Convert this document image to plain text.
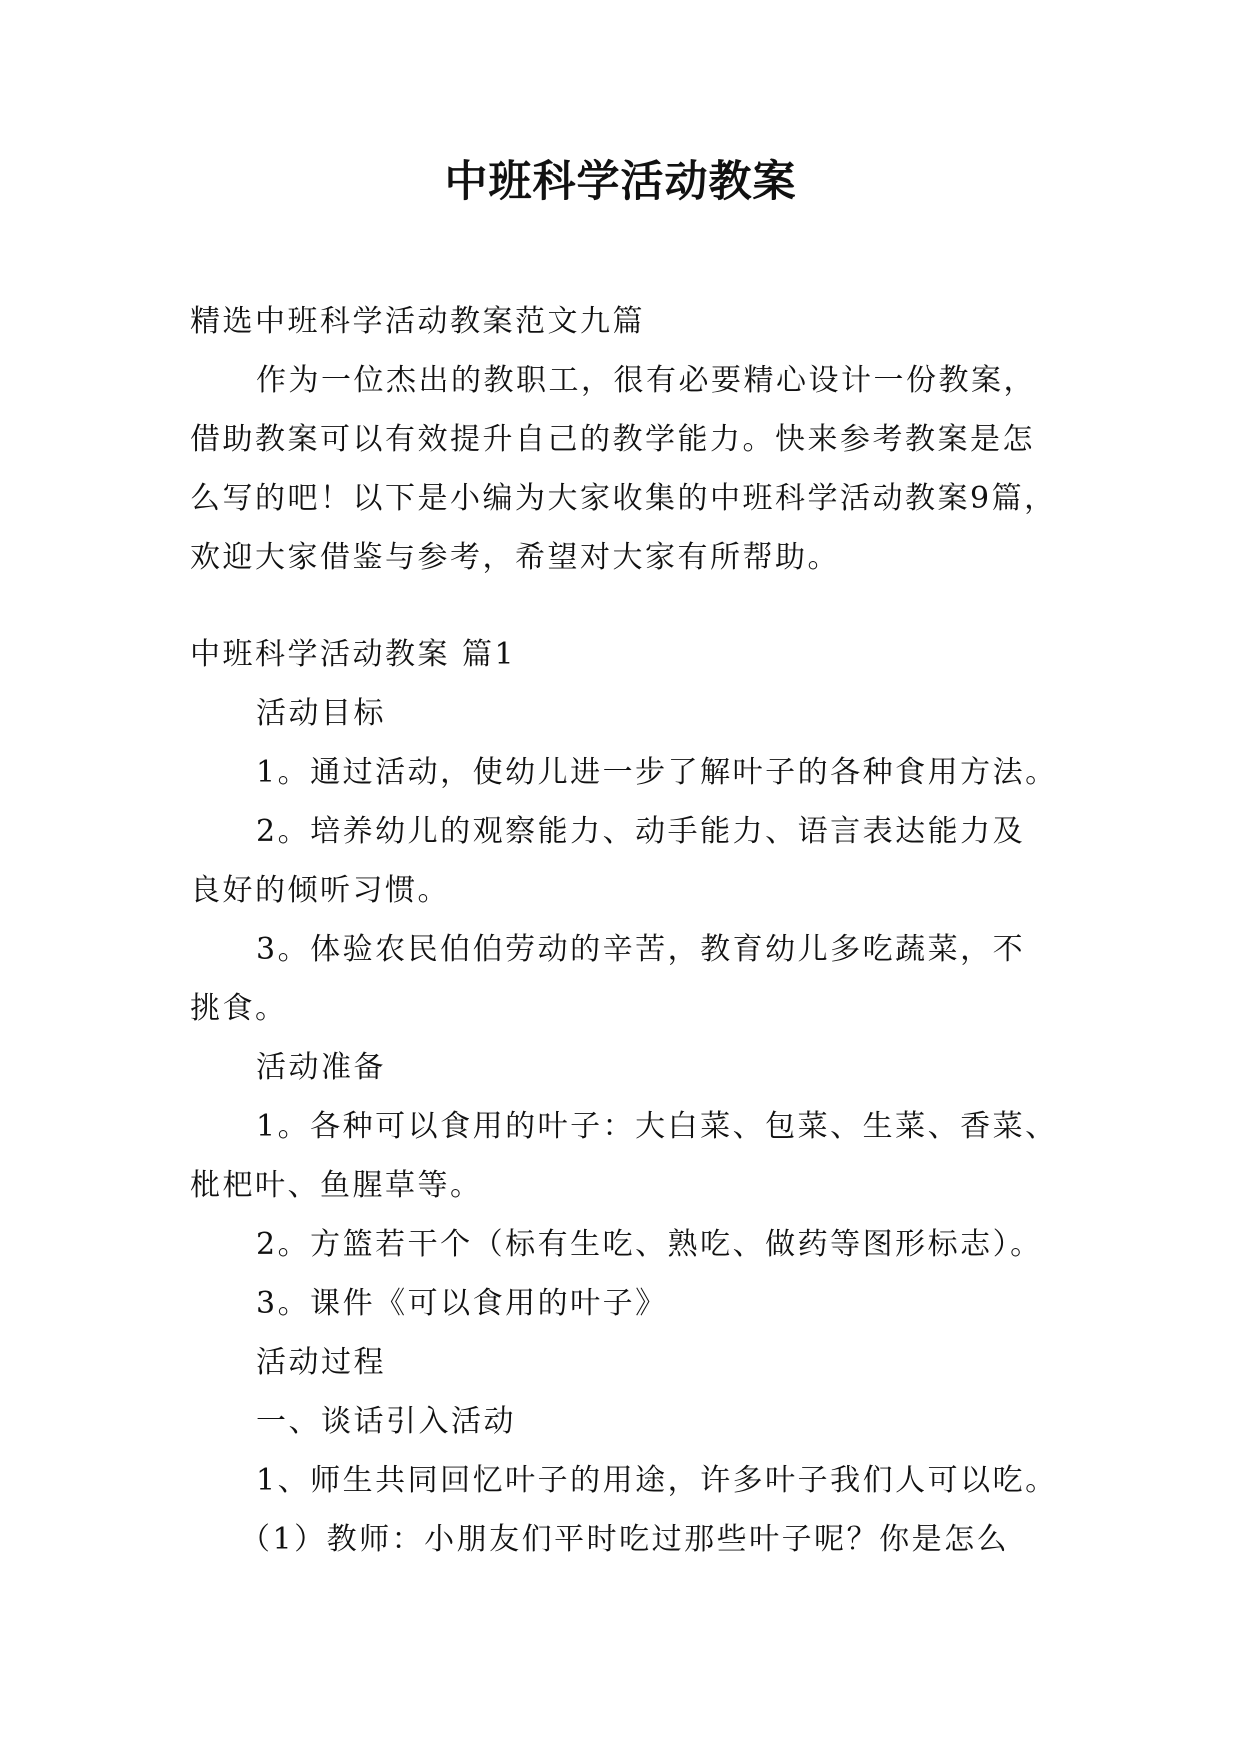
中班科学活动教案

精选中班科学活动教案范文九篇

作为一位杰出的教职工，很有必要精心设计一份教案，

借助教案可以有效提升自己的教学能力。快来参考教案是怎

么写的吧！以下是小编为大家收集的中班科学活动教案9篇，

欢迎大家借鉴与参考，希望对大家有所帮助。

中班科学活动教案 篇1

活动目标

1。通过活动，使幼儿进一步了解叶子的各种食用方法。

2。培养幼儿的观察能力、动手能力、语言表达能力及

良好的倾听习惯。

3。体验农民伯伯劳动的辛苦，教育幼儿多吃蔬菜，不

挑食。

活动准备

1。各种可以食用的叶子：大白菜、包菜、生菜、香菜、

枇杷叶、鱼腥草等。

2。方篮若干个（标有生吃、熟吃、做药等图形标志）。

3。课件《可以食用的叶子》

活动过程

一、谈话引入活动

1、师生共同回忆叶子的用途，许多叶子我们人可以吃。

（1）教师：小朋友们平时吃过那些叶子呢？你是怎么
